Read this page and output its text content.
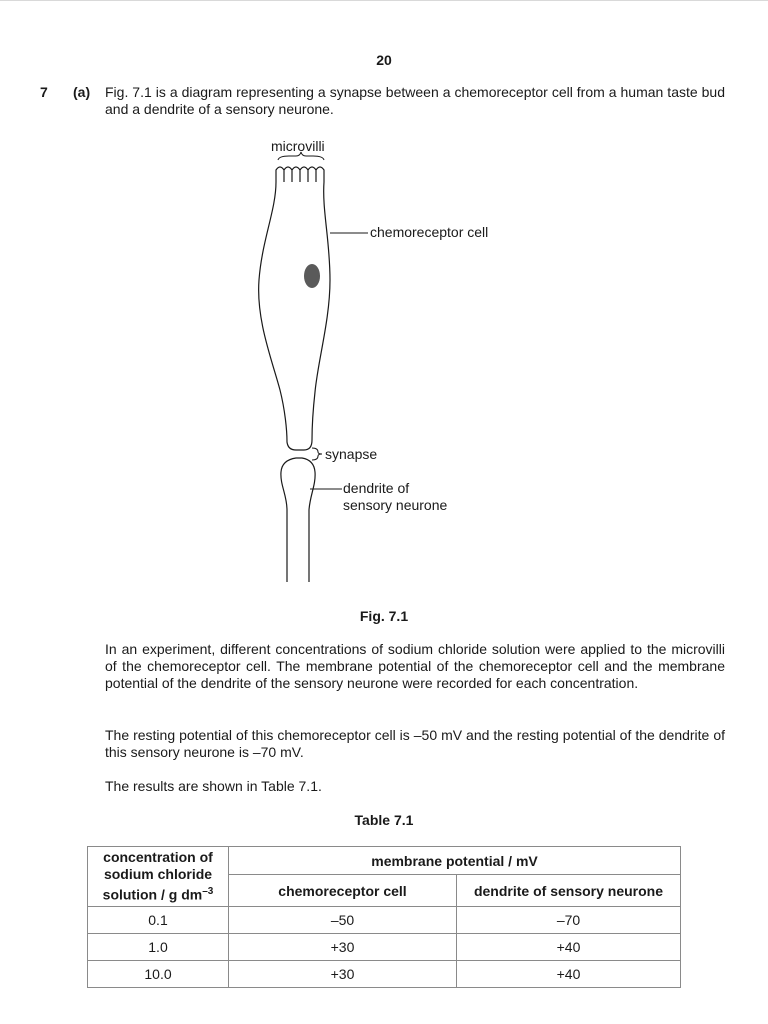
20
7 (a) Fig. 7.1 is a diagram representing a synapse between a chemoreceptor cell from a human taste bud and a dendrite of a sensory neurone.
microvilli
chemoreceptor cell
synapse
dendrite of
sensory neurone
Fig. 7.1
In an experiment, different concentrations of sodium chloride solution were applied to the microvilli of the chemoreceptor cell. The membrane potential of the chemoreceptor cell and the membrane potential of the dendrite of the sensory neurone were recorded for each concentration.
The resting potential of this chemoreceptor cell is –50 mV and the resting potential of the dendrite of this sensory neurone is –70 mV.
The results are shown in Table 7.1.
Table 7.1
concentration of
sodium chloride
solution / g $dm^{-3}$	membrane potential / mV	
	chemoreceptor cell	dendrite of sensory neurone
0.1	–50	–70
1.0	+30	+40
10.0	+30	+40
